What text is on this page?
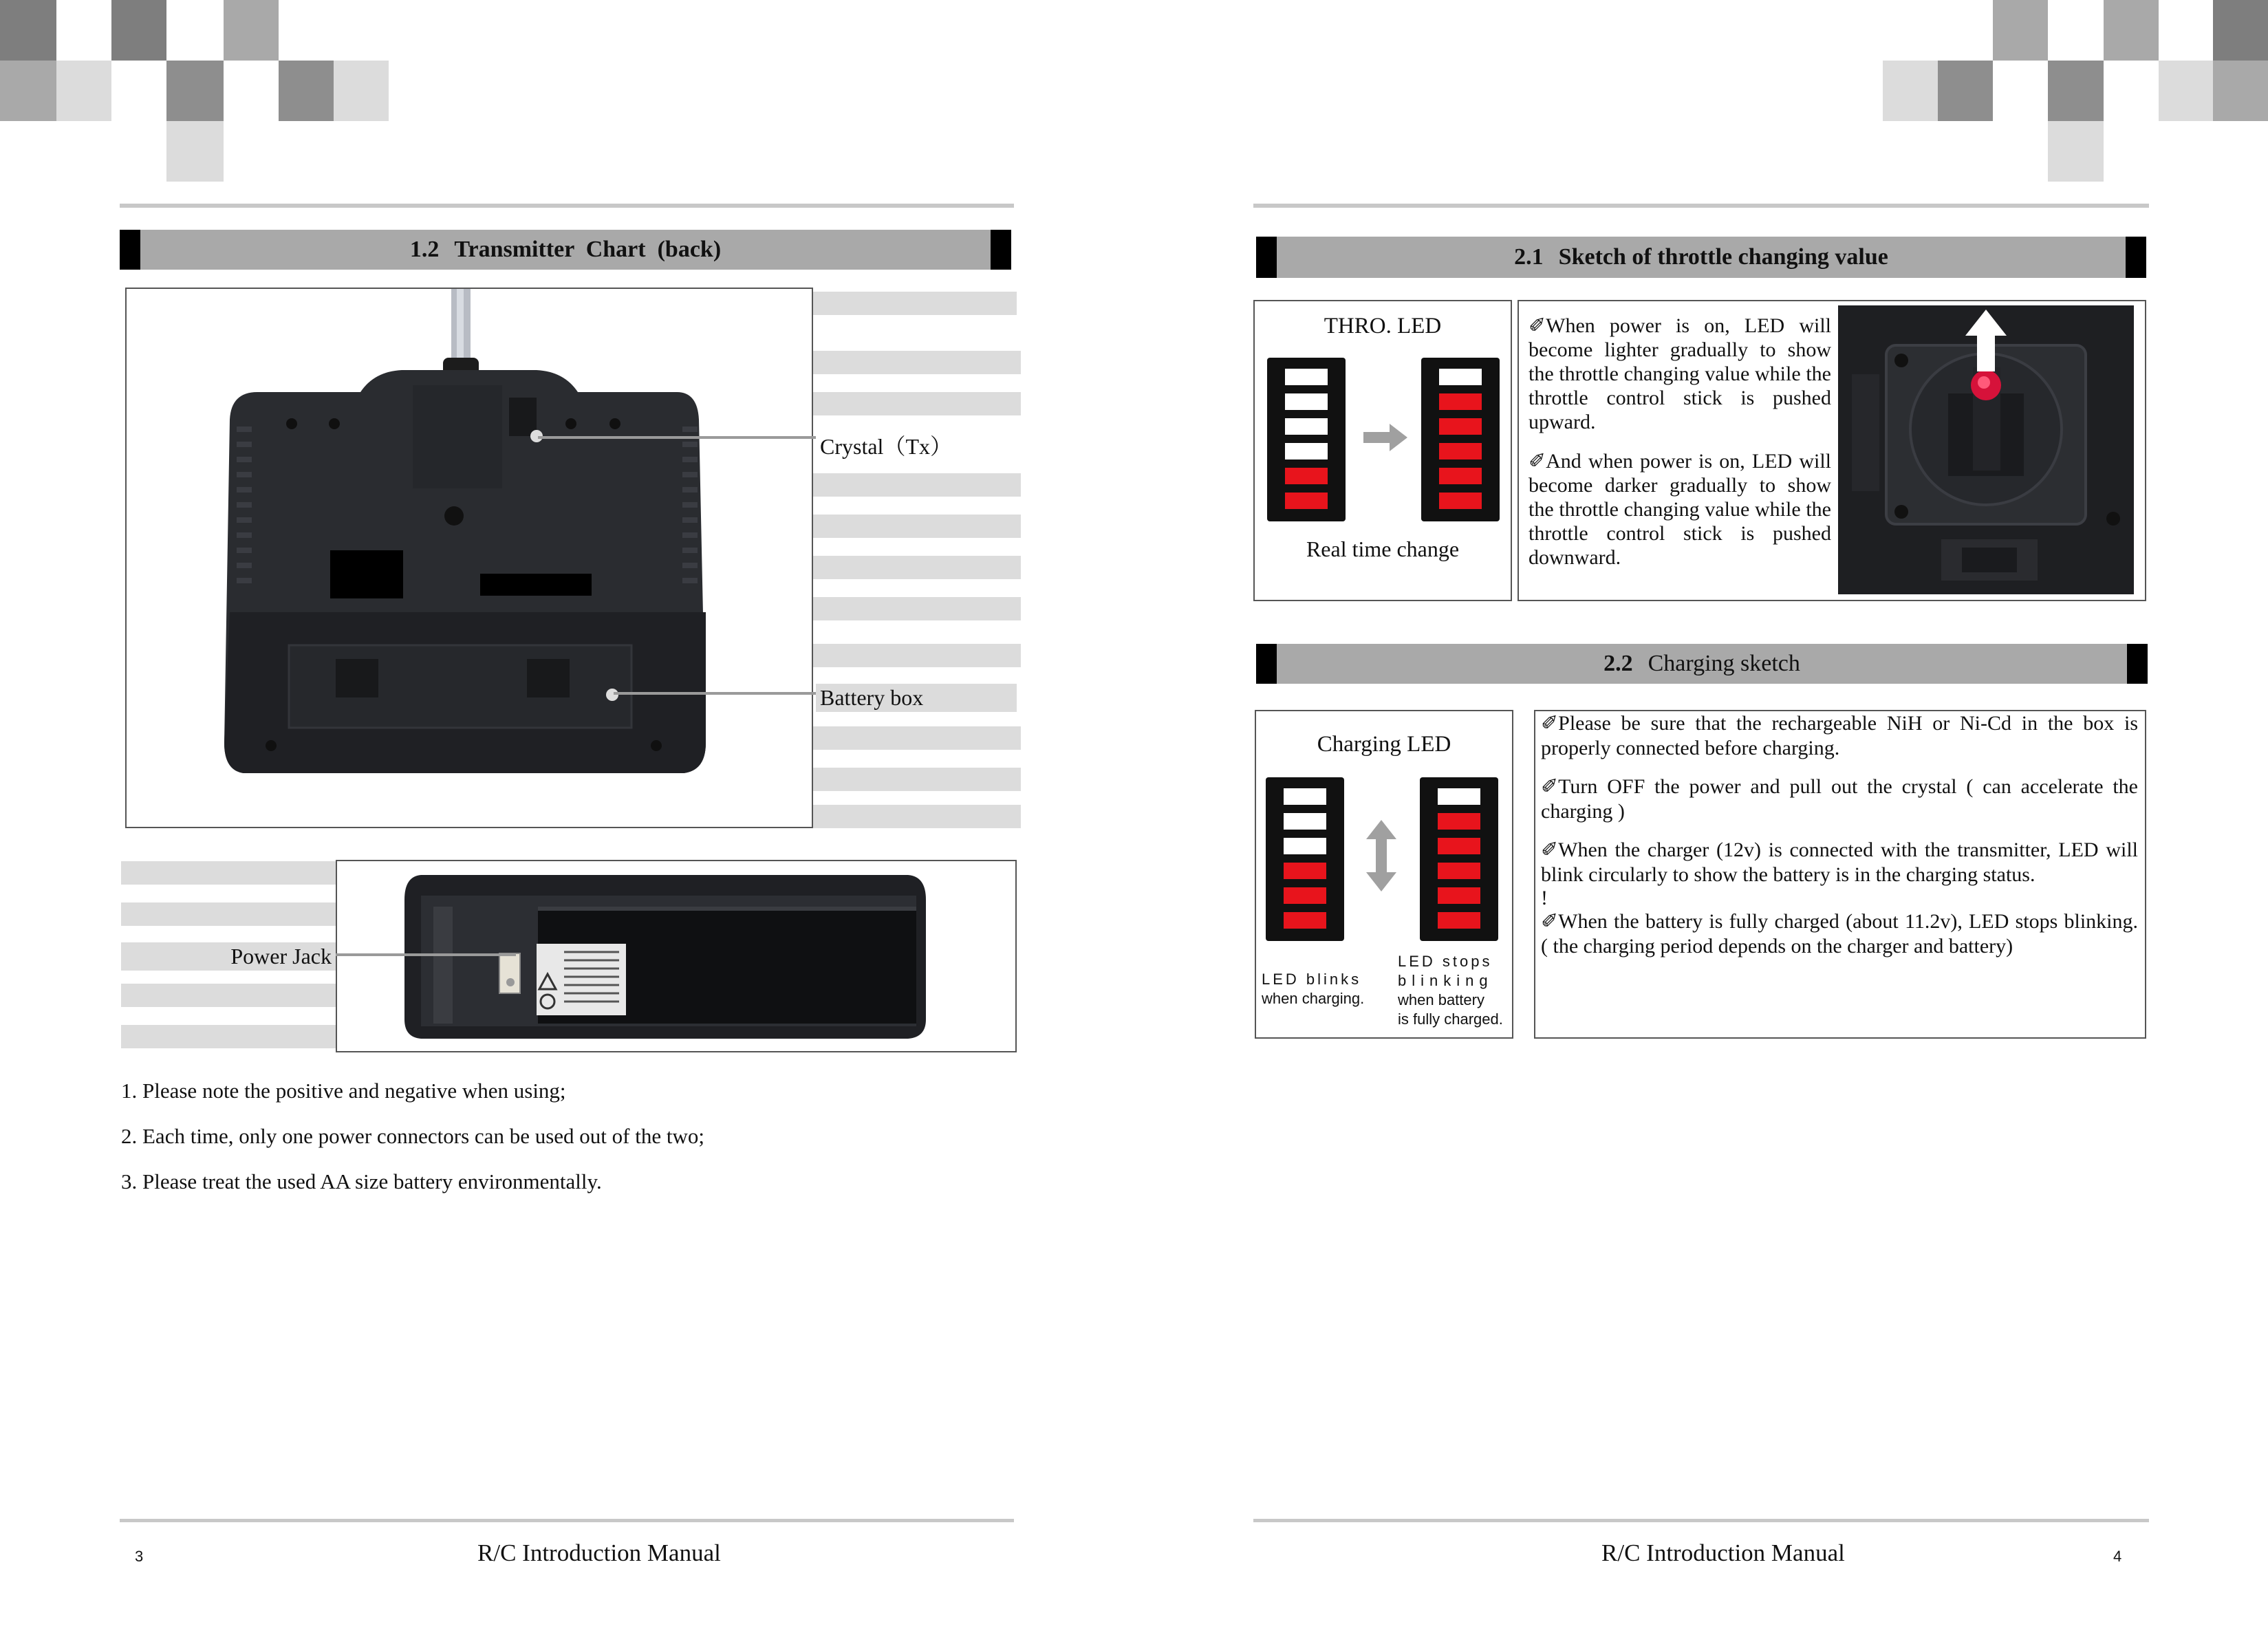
1.2 Transmitter  Chart  (back)
Crystal（Tx）
Battery box
Power Jack
1. Please note the positive and negative when using;
2. Each time, only one power connectors can be used out of the two;
3. Please treat the used AA size battery environmentally.
3	R/C Introduction Manual
2.1 Sketch of throttle changing value
THRO. LED
Real time change

✐When power is on, LED will become lighter gradually to show the throttle changing value while the throttle control stick is pushed upward.

✐And when power is on, LED will become darker gradually to show the throttle changing value while the throttle control stick is pushed downward.

2.2 Charging sketch
Charging LED
LED blinks
when charging.
LED stops
blinking
when battery
is fully charged.

✐Please be sure that the rechargeable NiH or Ni-Cd in the box is properly connected before charging.

✐Turn OFF the power and pull out the crystal ( can accelerate the charging )

✐When the charger (12v) is connected with the transmitter, LED will blink circularly to show the battery is in the charging status.

!

✐When the battery is fully charged (about 11.2v), LED stops blinking. ( the charging period depends on the charger and battery)

R/C Introduction Manual	4
